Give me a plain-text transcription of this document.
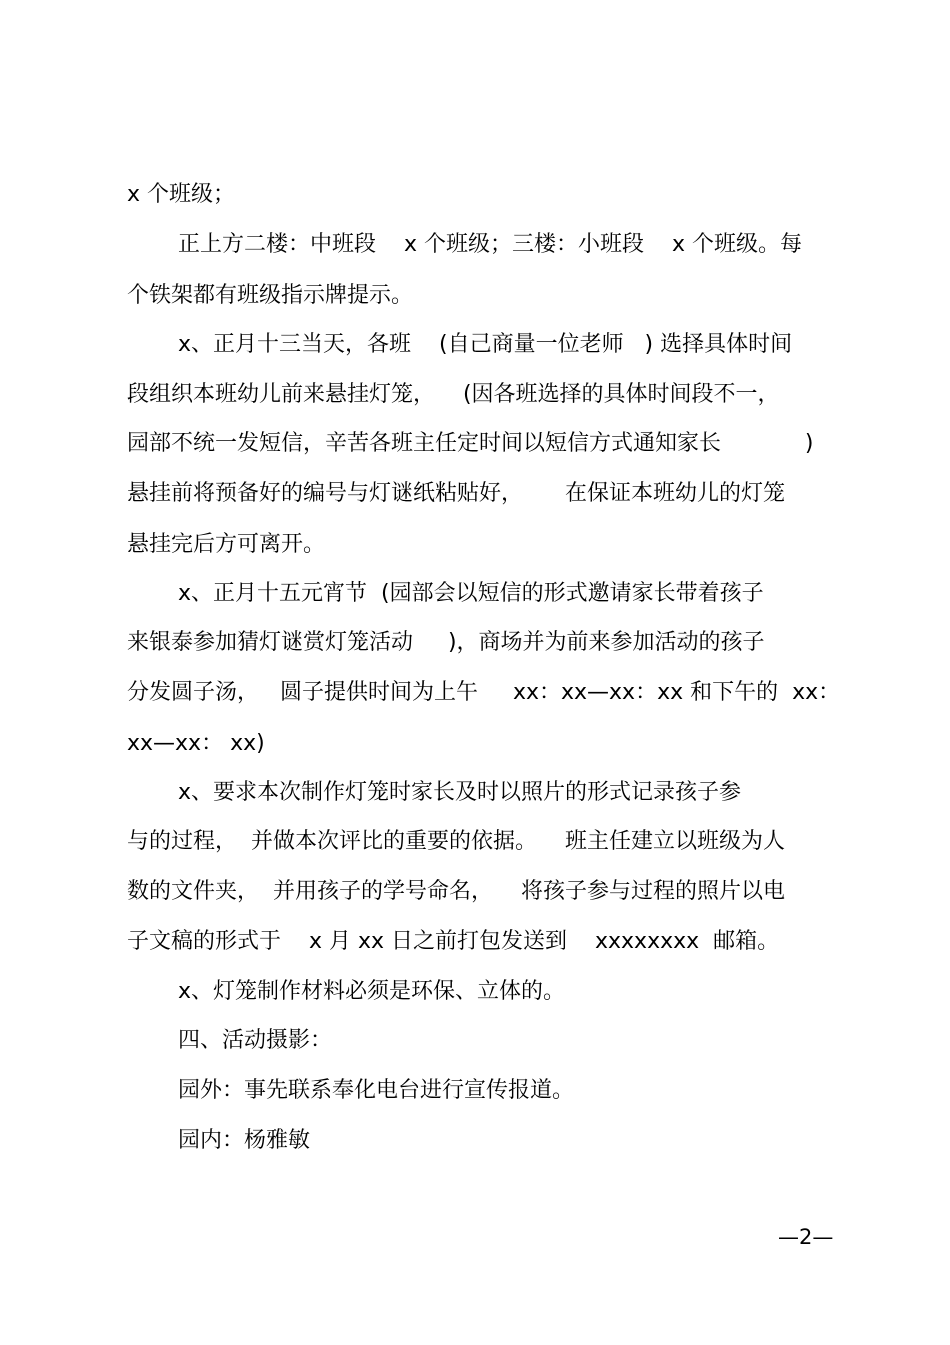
x 个班级；

正上方二楼：中班段    x 个班级；三楼：小班段    x 个班级。每

个铁架都有班级指示牌提示。

x、正月十三当天，各班    (自己商量一位老师   ) 选择具体时间

段组织本班幼儿前来悬挂灯笼，    (因各班选择的具体时间段不一，

园部不统一发短信，辛苦各班主任定时间以短信方式通知家长            )

悬挂前将预备好的编号与灯谜纸粘贴好，      在保证本班幼儿的灯笼

悬挂完后方可离开。

x、正月十五元宵节  (园部会以短信的形式邀请家长带着孩子

来银泰参加猜灯谜赏灯笼活动     )，商场并为前来参加活动的孩子

分发圆子汤，   圆子提供时间为上午     xx：xx—xx：xx 和下午的  xx：

xx—xx： xx)

x、要求本次制作灯笼时家长及时以照片的形式记录孩子参

与的过程，  并做本次评比的重要的依据。    班主任建立以班级为人

数的文件夹，  并用孩子的学号命名，    将孩子参与过程的照片以电

子文稿的形式于    x 月 xx 日之前打包发送到    xxxxxxxx  邮箱。

x、灯笼制作材料必须是环保、立体的。

四、活动摄影：

园外：事先联系奉化电台进行宣传报道。

园内：杨雅敏

—2—
